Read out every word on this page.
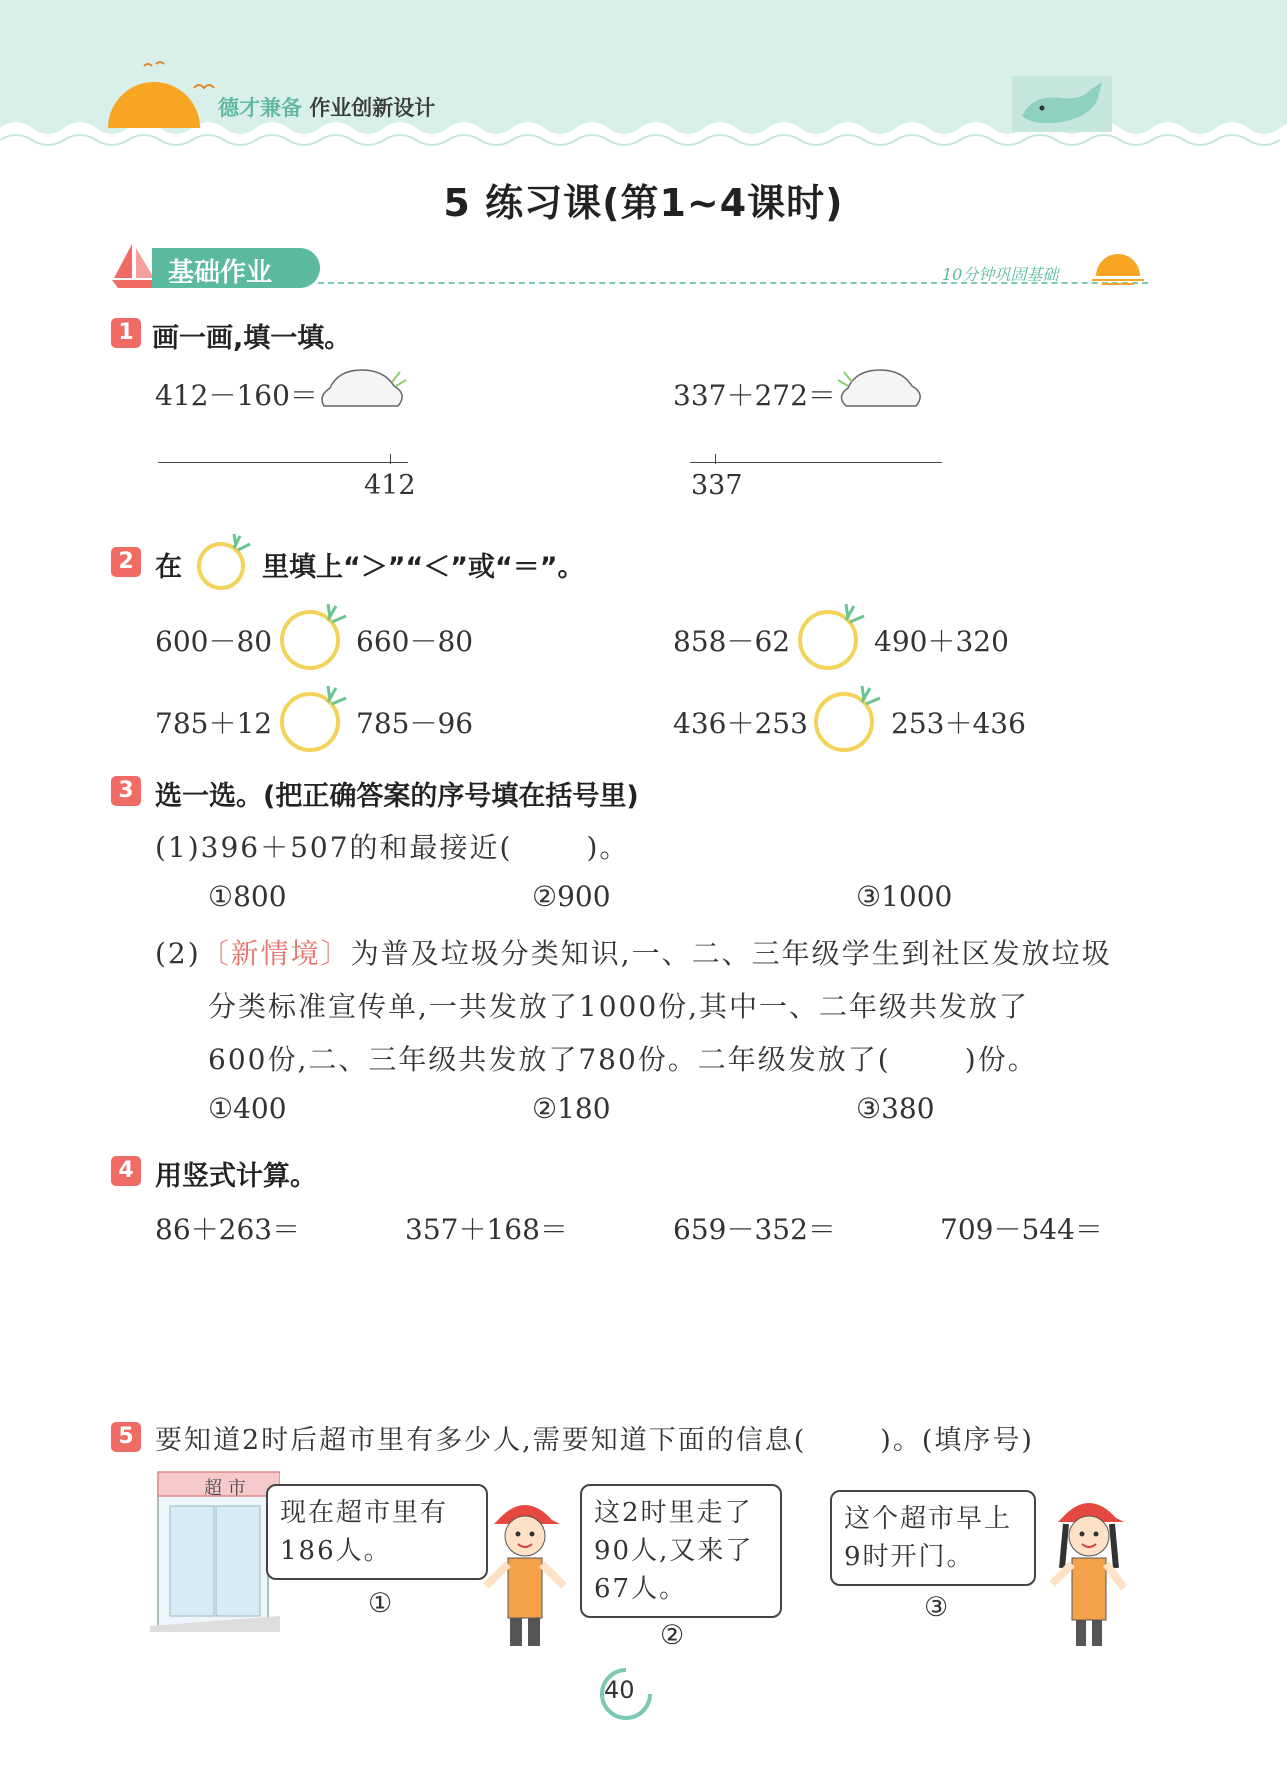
德才兼备 作业创新设计
5 练习课(第1~4课时)
基础作业	10分钟巩固基础
1 画一画,填一填。
412－160＝
412
337＋272＝
337
2 在	里填上“＞”“＜”或“＝”。
600－80	660－80	858－62	490＋320
785＋12	785－96	436＋253	253＋436
3 选一选。(把正确答案的序号填在括号里)
(1)396＋507的和最接近(	)。
①800	②900	③1000
(2)〔新情境〕为普及垃圾分类知识,一、二、三年级学生到社区发放垃圾
分类标准宣传单,一共发放了1000份,其中一、二年级共发放了
600份,二、三年级共发放了780份。二年级发放了(	)份。
①400	②180	③380
4 用竖式计算。
86＋263＝	357＋168＝	659－352＝	709－544＝
5 要知道2时后超市里有多少人,需要知道下面的信息(	)。(填序号)
超 市
现在超市里有
186人。
①
这2时里走了
90人,又来了
67人。
②
这个超市早上
9时开门。
③
40
